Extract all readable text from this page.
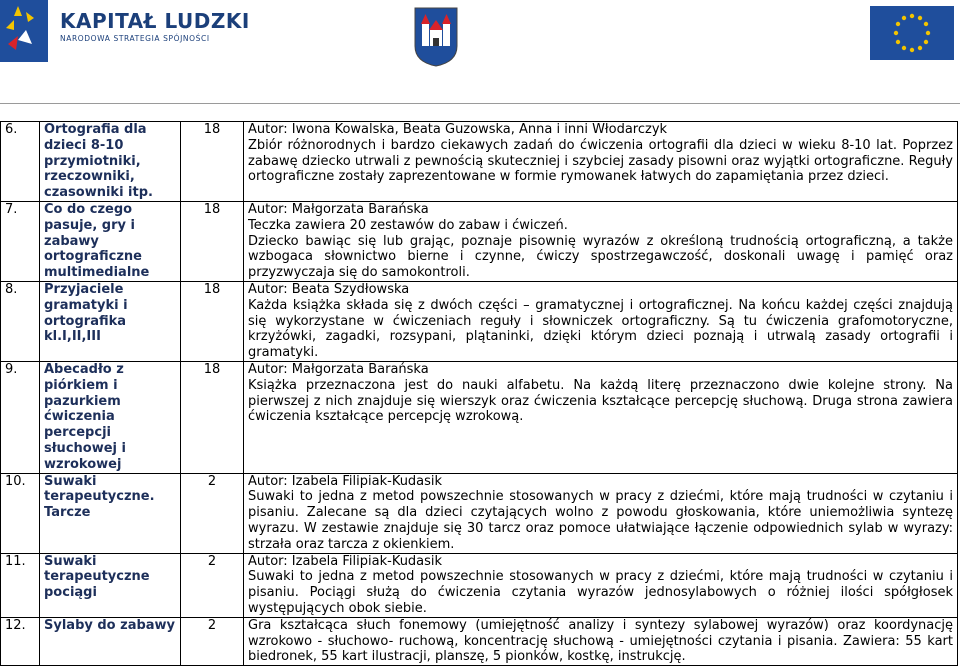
KAPITAŁ LUDZKI
NARODOWA STRATEGIA SPÓJNOŚCI
6.	Ortografia dla dzieci 8-10 przymiotniki, rzeczowniki, czasowniki itp.	18	Autor: Iwona Kowalska, Beata Guzowska, Anna i inni Włodarczyk
Zbiór różnorodnych i bardzo ciekawych zadań do ćwiczenia ortografii dla dzieci w wieku 8-10 lat. Poprzez zabawę dziecko utrwali z pewnością skuteczniej i szybciej zasady pisowni oraz wyjątki ortograficzne. Reguły ortograficzne zostały zaprezentowane w formie rymowanek łatwych do zapamiętania przez dzieci.
7.	Co do czego pasuje, gry i zabawy ortograficzne multimedialne	18	Autor: Małgorzata Barańska
Teczka zawiera 20 zestawów do zabaw i ćwiczeń.
Dziecko bawiąc się lub grając, poznaje pisownię wyrazów z określoną trudnością ortograficzną, a także wzbogaca słownictwo bierne i czynne, ćwiczy spostrzegawczość, doskonali uwagę i pamięć oraz przyzwyczaja się do samokontroli.
8.	Przyjaciele gramatyki i ortografika kl.I,II,III	18	Autor: Beata Szydłowska
Każda książka składa się z dwóch części – gramatycznej i ortograficznej. Na końcu każdej części znajdują się wykorzystane w ćwiczeniach reguły i słowniczek ortograficzny. Są tu ćwiczenia grafomotoryczne, krzyżówki, zagadki, rozsypani, plątaninki, dzięki którym dzieci poznają i utrwalą zasady ortografii i gramatyki.
9.	Abecadło z piórkiem i pazurkiem ćwiczenia percepcji słuchowej i wzrokowej	18	Autor: Małgorzata Barańska
Książka przeznaczona jest do nauki alfabetu. Na każdą literę przeznaczono dwie kolejne strony. Na pierwszej z nich znajduje się wierszyk oraz ćwiczenia kształcące percepcję słuchową. Druga strona zawiera ćwiczenia kształcące percepcję wzrokową.
10.	Suwaki terapeutyczne. Tarcze	2	Autor: Izabela Filipiak-Kudasik
Suwaki to jedna z metod powszechnie stosowanych w pracy z dziećmi, które mają trudności w czytaniu i pisaniu. Zalecane są dla dzieci czytających wolno z powodu głoskowania, które uniemożliwia syntezę wyrazu. W zestawie znajduje się 30 tarcz oraz pomoce ułatwiające łączenie odpowiednich sylab w wyrazy: strzała oraz tarcza z okienkiem.
11.	Suwaki terapeutyczne pociągi	2	Autor: Izabela Filipiak-Kudasik
Suwaki to jedna z metod powszechnie stosowanych w pracy z dziećmi, które mają trudności w czytaniu i pisaniu. Pociągi służą do ćwiczenia czytania wyrazów jednosylabowych o różniej ilości spółgłosek występujących obok siebie.
12.	Sylaby do zabawy	2	Gra kształcąca słuch fonemowy (umiejętność analizy i syntezy sylabowej wyrazów) oraz koordynację wzrokowo - słuchowo- ruchową, koncentrację słuchową - umiejętności czytania i pisania. Zawiera: 55 kart biedronek, 55 kart ilustracji, planszę, 5 pionków, kostkę, instrukcję.
